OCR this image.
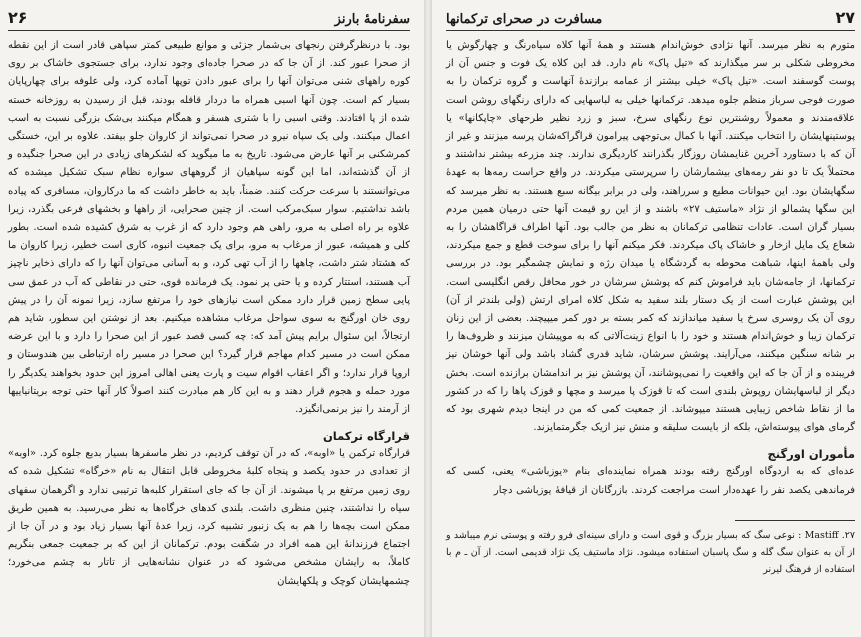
سفرنامهٔ بارنز
۲۶

بود. با درنظرگرفتن رنجهای بی‌شمار جزئی و موانع طبیعی کمتر سپاهی قادر است از این نقطه از صحرا عبور کند. از آن جا که در صحرا جاده‌ای وجود ندارد، برای جستجوی خاشاک بر روی کوره راههای شنی می‌توان آنها را برای عبور دادن توپها آماده کرد، ولی علوفه برای چهارپایان بسیار کم است. چون آنها اسبی همراه ما دردار قافله بودند، قبل از رسیدن به روزخانه خسته شده از پا افتادند. وقتی اسبی را با شتری هسفر و همگام میکنند بی‌شک بزرگی نسبت به اسب اعمال میکنند. ولی یک سپاه نیرو در صحرا نمی‌تواند از کاروان جلو بیفتد. علاوه بر این، خستگی کمرشکنی بر آنها عارض می‌شود. تاریخ به ما میگوید که لشکرهای زیادی در این صحرا جنگیده و از آن گذشته‌اند، اما این گونه سپاهیان از گروههای سواره نظام سبک تشکیل میشده که می‌توانستند با سرعت حرکت کنند. ضمناً، باید به خاطر داشت که ما درکاروان، مسافری که پیاده باشد نداشتیم. سوار سبک‌مرکب است. از چنین صحرایی، از راهها و بخشهای فرعی بگذرد، زیرا علاوه بر راه اصلی به مرو، راهی هم وجود دارد که از غرب به شرق کشیده شده است. بطور کلی و همیشه، عبور از مرغاب به مرو، برای یک جمعیت انبوه، کاری است خطیر، زیرا کاروان ما که هشتاد شتر داشت، چاهها را از آب تهی کرد، و به آسانی می‌توان آنها را که دارای ذخایر ناچیز آب هستند، استتار کرده و یا حتی پر نمود. یک فرمانده قوی، حتی در نقاطی که آب در عمق سی پایی سطح زمین قرار دارد ممکن است نیازهای خود را مرتفع سازد، زیرا نمونه آن را در پیش روی خان اورگنج به سوی سواحل مرغاب مشاهده میکنیم. بعد از نوشتن این سطور، شاید هم ارتجالاً، این سئوال برایم پیش آمد که: چه کسی قصد عبور از این صحرا را دارد و با این عرضه ممکن است در مسیر کدام مهاجم قرار گیرد؟ این صحرا در مسیر راه ارتباطی بین هندوستان و اروپا قرار ندارد؛ و اگر اعقاب اقوام سیت و پارت یعنی اهالی امروز این حدود بخواهند یکدیگر را مورد حمله و هجوم قرار دهند و به این کار هم مبادرت کنند اصولاً کار آنها حتی توجه بریتانیاییها از آرمند را نیز برنمی‌انگیزد.

قرارگاه ترکمان

قرارگاه ترکمن یا «اوبه»، که در آن توقف کردیم، در نظر ماسفرها بسیار بدیع جلوه کرد. «اوبه» از تعدادی در حدود یکصد و پنجاه کلبهٔ مخروطی قابل انتقال به نام «خرگاه» تشکیل شده که روی زمین مرتفع بر پا میشوند. از آن جا که جای استقرار کلبه‌ها ترتیبی ندارد و اگرهمان سفهای سیاه را نداشتند، چنین منظری داشت. بلندی کدهای خرگاه‌ها به نظر می‌رسید. به همین طریق ممکن است بچه‌ها را هم به یک زنبور تشبیه کرد، زیرا عدهٔ آنها بسیار زیاد بود و در آن جا از اجتماع فرزندانهٔ این همه افراد در شگفت بودم. ترکمانان از این که بر جمعیت جمعی بنگریم کاملاً، به رایشان مشخص می‌شود که در عنوان نشانه‌هایی از تاتار به چشم می‌خورد؛ چشمهایشان کوچک و پلکهایشان

۲۷
مسافرت در صحرای ترکمانها

متورم به نظر میرسد. آنها نژادی خوش‌اندام هستند و همهٔ آنها کلاه سیاه‌رنگ و چهارگوش یا مخروطی شکلی بر سر میگذارند که «تیل پاک» نام دارد. قد این کلاه یک فوت و جنس آن از پوست گوسفند است. «تیل پاک» خیلی بیشتر از عمامه برازندهٔ آنهاست و گروه ترکمان را به صورت فوجی سرباز منظم جلوه میدهد. ترکمانها خیلی به لباسهایی که دارای رنگهای روشن است علاقه‌مندند و معمولاً روشنترین نوع رنگهای سرخ، سبز و زرد نظیر طرحهای «چاپکانها» یا پوستینهایشان را انتخاب میکنند. آنها با کمال بی‌توجهی پیرامون قراگراکه‌شان پرسه میزنند و غیر از آن که با دستاورد آخرین غنایمشان روزگار بگذرانند کاردیگری ندارند. چند مزرعه بیشتر نداشتند و محتملاً یک تا دو نفر رمه‌های بیشمارشان را سرپرستی میکردند. در واقع حراست رمه‌ها به عهدهٔ سگهایشان بود. این حیوانات مطیع و سرراهند، ولی در برابر بیگانه سبع هستند. به نظر میرسد که این سگها پشمالو از نژاد «ماستیف ۲۷» باشند و از این رو قیمت آنها حتی درمیان همین مردم بسیار گران است. عادات تنظامی ترکمانان به نظر من جالب بود. آنها اطراف قراگاهشان را به شعاع یک مایل ازخار و خاشاک پاک میکردند. فکر میکنم آنها را برای سوخت قطع و جمع میکردند، ولی باهمهٔ اینها، شباهت محوطه به گردشگاه یا میدان رژه و نمایش چشمگیر بود. در بررسی ترکمانها، از جامه‌شان باید فراموش کنم که پوشش سرشان در خور محافل رقص انگلیسی است. این پوشش عبارت است از یک دستار بلند سفید به شکل کلاه امرای ارتش (ولی بلندتر از آن) روی آن یک روسری سرخ یا سفید میاندازند که کمر بسته بر دور کمر میپیچند. بعضی از این زنان ترکمان زیبا و خوش‌اندام هستند و خود را با انواع زینت‌آلاتی که به موپیشان میزنند و ظروف‌ها را بر شانه سنگین میکنند، می‌آرایند. پوشش سرشان، شاید قدری گشاد باشد ولی آنها خوشان نیز فریبنده و از آن جا که این واقعیت را نمی‌پوشانند، آن پوشش نیز بر اندامشان برازنده است. بخش دیگر از لباسهایشان روپوش بلندی است که تا قوزک پا میرسد و مچها و قوزک پاها را که در کشور ما از نقاط شاخص زیبایی هستند میپوشاند. از جمعیت کمی که من در اینجا دیدم شهری بود که گرمای هوای پیوسته‌اش، بلکه از بایست سلیقه و منش نیز ازیک جگرمتمایزند.

مأموران اورگنج

عده‌ای که به اردوگاه اورگنج رفته بودند همراه نماینده‌ای بنام «یوزباشی» یعنی، کسی که فرماندهی یکصد نفر را عهده‌دار است مراجعت کردند. بازرگانان از قیافهٔ یوزباشی دچار

۲۷. Mastiff : نوعی سگ که بسیار بزرگ و قوی است و دارای سینه‌ای فرو رفته و پوستی نرم میباشد و از آن به عنوان سگ گله و سگ پاسبان استفاده میشود. نژاد ماستیف یک نژاد قدیمی است. از آن ـ م با استفاده از فرهنگ لیرنر
